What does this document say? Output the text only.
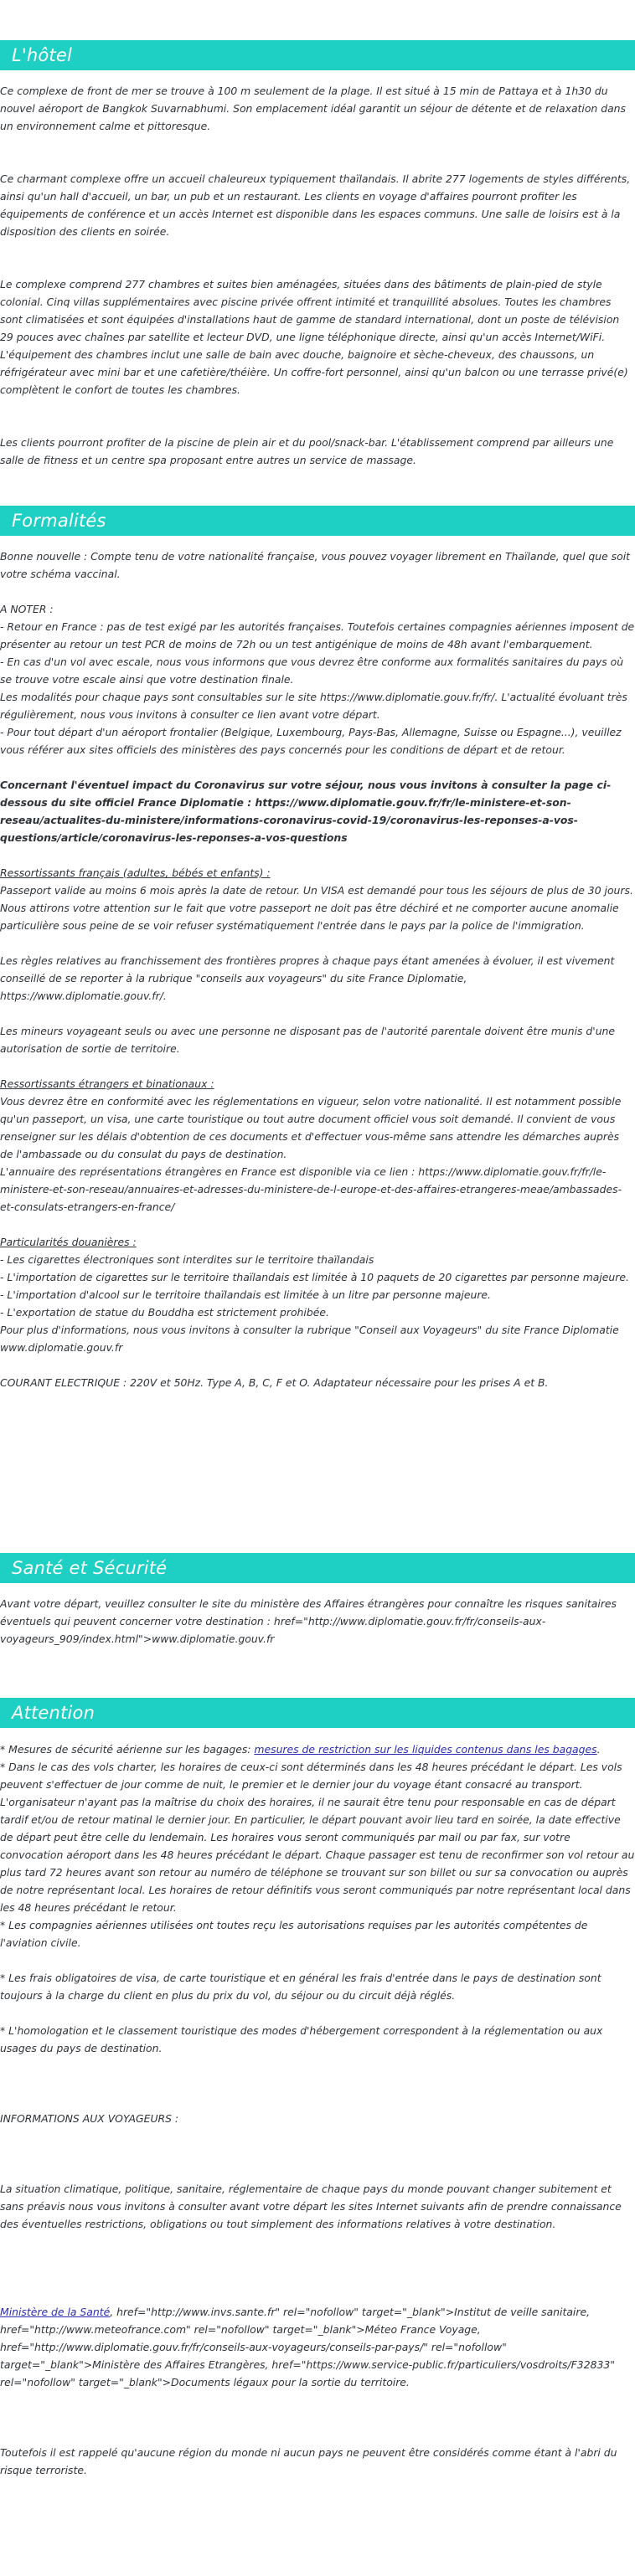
L'hôtel

Ce complexe de front de mer se trouve à 100 m seulement de la plage. Il est situé à 15 min de Pattaya et à 1h30 du nouvel aéroport de Bangkok Suvarnabhumi. Son emplacement idéal garantit un séjour de détente et de relaxation dans un environnement calme et pittoresque.

Ce charmant complexe offre un accueil chaleureux typiquement thaïlandais. Il abrite 277 logements de styles différents, ainsi qu'un hall d'accueil, un bar, un pub et un restaurant. Les clients en voyage d'affaires pourront profiter les équipements de conférence et un accès Internet est disponible dans les espaces communs. Une salle de loisirs est à la disposition des clients en soirée.

Le complexe comprend 277 chambres et suites bien aménagées, situées dans des bâtiments de plain-pied de style colonial. Cinq villas supplémentaires avec piscine privée offrent intimité et tranquillité absolues. Toutes les chambres sont climatisées et sont équipées d'installations haut de gamme de standard international, dont un poste de télévision 29 pouces avec chaînes par satellite et lecteur DVD, une ligne téléphonique directe, ainsi qu'un accès Internet/WiFi. L'équipement des chambres inclut une salle de bain avec douche, baignoire et sèche-cheveux, des chaussons, un réfrigérateur avec mini bar et une cafetière/théière. Un coffre-fort personnel, ainsi qu'un balcon ou une terrasse privé(e) complètent le confort de toutes les chambres.

Les clients pourront profiter de la piscine de plein air et du pool/snack-bar. L'établissement comprend par ailleurs une salle de fitness et un centre spa proposant entre autres un service de massage.

Formalités

Bonne nouvelle : Compte tenu de votre nationalité française, vous pouvez voyager librement en Thaïlande, quel que soit votre schéma vaccinal.

A NOTER :

- Retour en France : pas de test exigé par les autorités françaises. Toutefois certaines compagnies aériennes imposent de présenter au retour un test PCR de moins de 72h ou un test antigénique de moins de 48h avant l'embarquement.

- En cas d'un vol avec escale, nous vous informons que vous devrez être conforme aux formalités sanitaires du pays où se trouve votre escale ainsi que votre destination finale.

Les modalités pour chaque pays sont consultables sur le site https://www.diplomatie.gouv.fr/fr/. L'actualité évoluant très régulièrement, nous vous invitons à consulter ce lien avant votre départ.

- Pour tout départ d'un aéroport frontalier (Belgique, Luxembourg, Pays-Bas, Allemagne, Suisse ou Espagne...), veuillez vous référer aux sites officiels des ministères des pays concernés pour les conditions de départ et de retour.

Concernant l'éventuel impact du Coronavirus sur votre séjour, nous vous invitons à consulter la page ci-dessous du site officiel France Diplomatie : https://www.diplomatie.gouv.fr/fr/le-ministere-et-son-reseau/actualites-du-ministere/informations-coronavirus-covid-19/coronavirus-les-reponses-a-vos-questions/article/coronavirus-les-reponses-a-vos-questions

Ressortissants français (adultes, bébés et enfants) :

Passeport valide au moins 6 mois après la date de retour. Un VISA est demandé pour tous les séjours de plus de 30 jours. Nous attirons votre attention sur le fait que votre passeport ne doit pas être déchiré et ne comporter aucune anomalie particulière sous peine de se voir refuser systématiquement l'entrée dans le pays par la police de l'immigration.

Les règles relatives au franchissement des frontières propres à chaque pays étant amenées à évoluer, il est vivement conseillé de se reporter à la rubrique "conseils aux voyageurs" du site France Diplomatie, https://www.diplomatie.gouv.fr/.

Les mineurs voyageant seuls ou avec une personne ne disposant pas de l'autorité parentale doivent être munis d'une autorisation de sortie de territoire.

Ressortissants étrangers et binationaux :

Vous devrez être en conformité avec les réglementations en vigueur, selon votre nationalité. Il est notamment possible qu'un passeport, un visa, une carte touristique ou tout autre document officiel vous soit demandé. Il convient de vous renseigner sur les délais d'obtention de ces documents et d'effectuer vous-même sans attendre les démarches auprès de l'ambassade ou du consulat du pays de destination.

L'annuaire des représentations étrangères en France est disponible via ce lien : https://www.diplomatie.gouv.fr/fr/le-ministere-et-son-reseau/annuaires-et-adresses-du-ministere-de-l-europe-et-des-affaires-etrangeres-meae/ambassades-et-consulats-etrangers-en-france/

Particularités douanières :

- Les cigarettes électroniques sont interdites sur le territoire thaïlandais

- L'importation de cigarettes sur le territoire thaïlandais est limitée à 10 paquets de 20 cigarettes par personne majeure.

- L'importation d'alcool sur le territoire thaïlandais est limitée à un litre par personne majeure.

- L'exportation de statue du Bouddha est strictement prohibée.

Pour plus d'informations, nous vous invitons à consulter la rubrique "Conseil aux Voyageurs" du site France Diplomatie www.diplomatie.gouv.fr

COURANT ELECTRIQUE : 220V et 50Hz. Type A, B, C, F et O. Adaptateur nécessaire pour les prises A et B.

Santé et Sécurité

Avant votre départ, veuillez consulter le site du ministère des Affaires étrangères pour connaître les risques sanitaires éventuels qui peuvent concerner votre destination : href="http://www.diplomatie.gouv.fr/fr/conseils-aux-voyageurs_909/index.html">www.diplomatie.gouv.fr

Attention

* Mesures de sécurité aérienne sur les bagages: mesures de restriction sur les liquides contenus dans les bagages.

* Dans le cas des vols charter, les horaires de ceux-ci sont déterminés dans les 48 heures précédant le départ. Les vols peuvent s'effectuer de jour comme de nuit, le premier et le dernier jour du voyage étant consacré au transport. L'organisateur n'ayant pas la maîtrise du choix des horaires, il ne saurait être tenu pour responsable en cas de départ tardif et/ou de retour matinal le dernier jour. En particulier, le départ pouvant avoir lieu tard en soirée, la date effective de départ peut être celle du lendemain. Les horaires vous seront communiqués par mail ou par fax, sur votre convocation aéroport dans les 48 heures précédant le départ. Chaque passager est tenu de reconfirmer son vol retour au plus tard 72 heures avant son retour au numéro de téléphone se trouvant sur son billet ou sur sa convocation ou auprès de notre représentant local. Les horaires de retour définitifs vous seront communiqués par notre représentant local dans les 48 heures précédant le retour.

* Les compagnies aériennes utilisées ont toutes reçu les autorisations requises par les autorités compétentes de l'aviation civile.

* Les frais obligatoires de visa, de carte touristique et en général les frais d'entrée dans le pays de destination sont toujours à la charge du client en plus du prix du vol, du séjour ou du circuit déjà réglés.

* L'homologation et le classement touristique des modes d'hébergement correspondent à la réglementation ou aux usages du pays de destination.

INFORMATIONS AUX VOYAGEURS :

La situation climatique, politique, sanitaire, réglementaire de chaque pays du monde pouvant changer subitement et sans préavis nous vous invitons à consulter avant votre départ les sites Internet suivants afin de prendre connaissance des éventuelles restrictions, obligations ou tout simplement des informations relatives à votre destination.

Ministère de la Santé, href="http://www.invs.sante.fr" rel="nofollow" target="_blank">Institut de veille sanitaire, href="http://www.meteofrance.com" rel="nofollow" target="_blank">Méteo France Voyage, href="http://www.diplomatie.gouv.fr/fr/conseils-aux-voyageurs/conseils-par-pays/" rel="nofollow" target="_blank">Ministère des Affaires Etrangères, href="https://www.service-public.fr/particuliers/vosdroits/F32833" rel="nofollow" target="_blank">Documents légaux pour la sortie du territoire.

Toutefois il est rappelé qu'aucune région du monde ni aucun pays ne peuvent être considérés comme étant à l'abri du risque terroriste.
